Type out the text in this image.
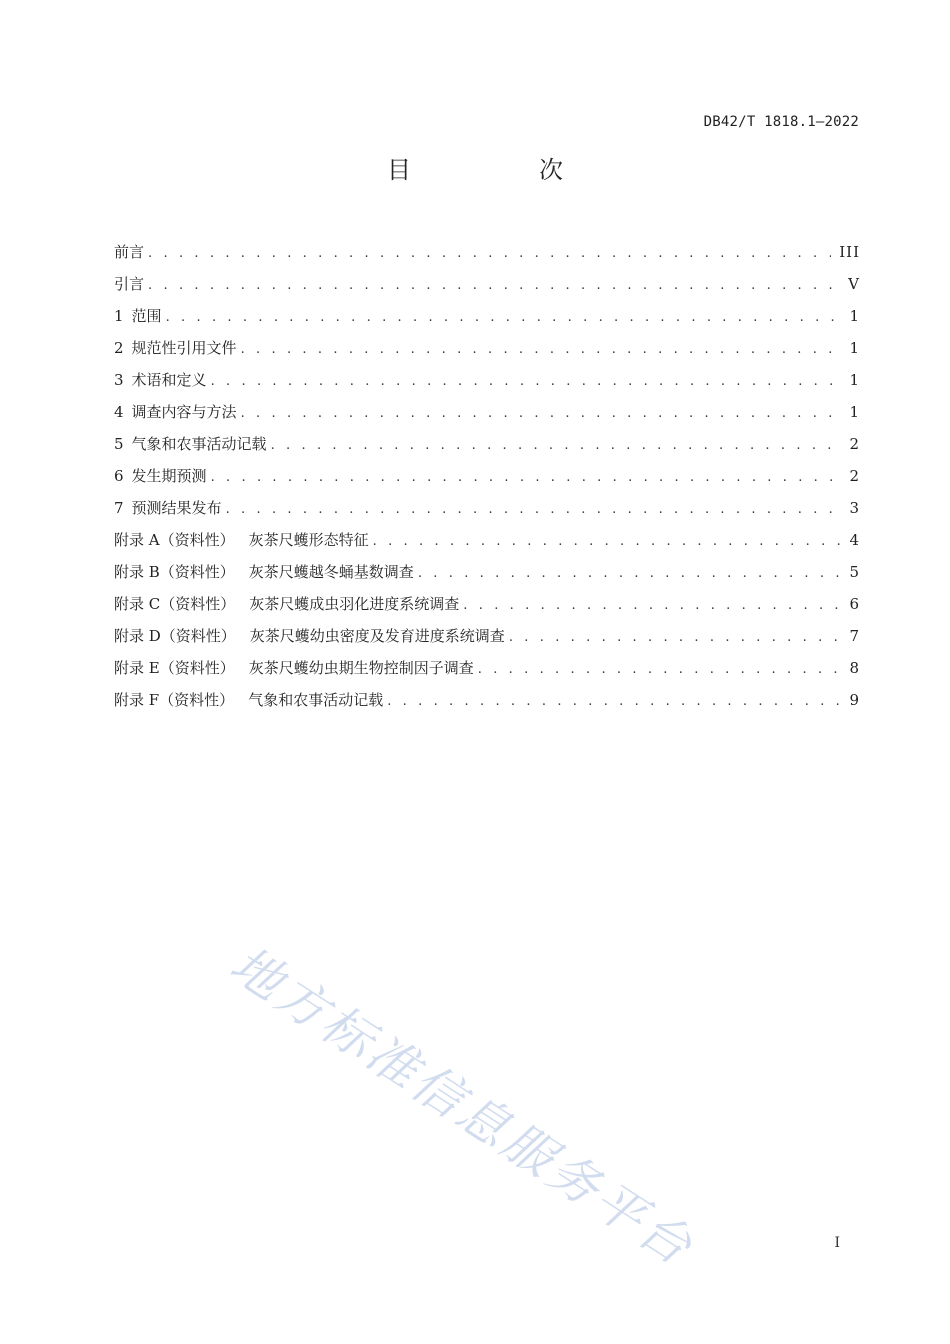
DB42/T 1818.1—2022
目　次
前言 . . .	III
引言 . . .	V
1 范围 . . .	1
2 规范性引用文件 . . .	1
3 术语和定义 . . .	1
4 调查内容与方法 . . .	1
5 气象和农事活动记载 . . .	2
6 发生期预测 . . .	2
7 预测结果发布 . . .	3
附录 A（资料性） 灰茶尺蠖形态特征 . . .	4
附录 B（资料性） 灰茶尺蠖越冬蛹基数调查 . . .	5
附录 C（资料性） 灰茶尺蠖成虫羽化进度系统调查 . . .	6
附录 D（资料性） 灰茶尺蠖幼虫密度及发育进度系统调查 . . .	7
附录 E（资料性） 灰茶尺蠖幼虫期生物控制因子调查 . . .	8
附录 F（资料性） 气象和农事活动记载 . . .	9
地方标准信息服务平台	I
